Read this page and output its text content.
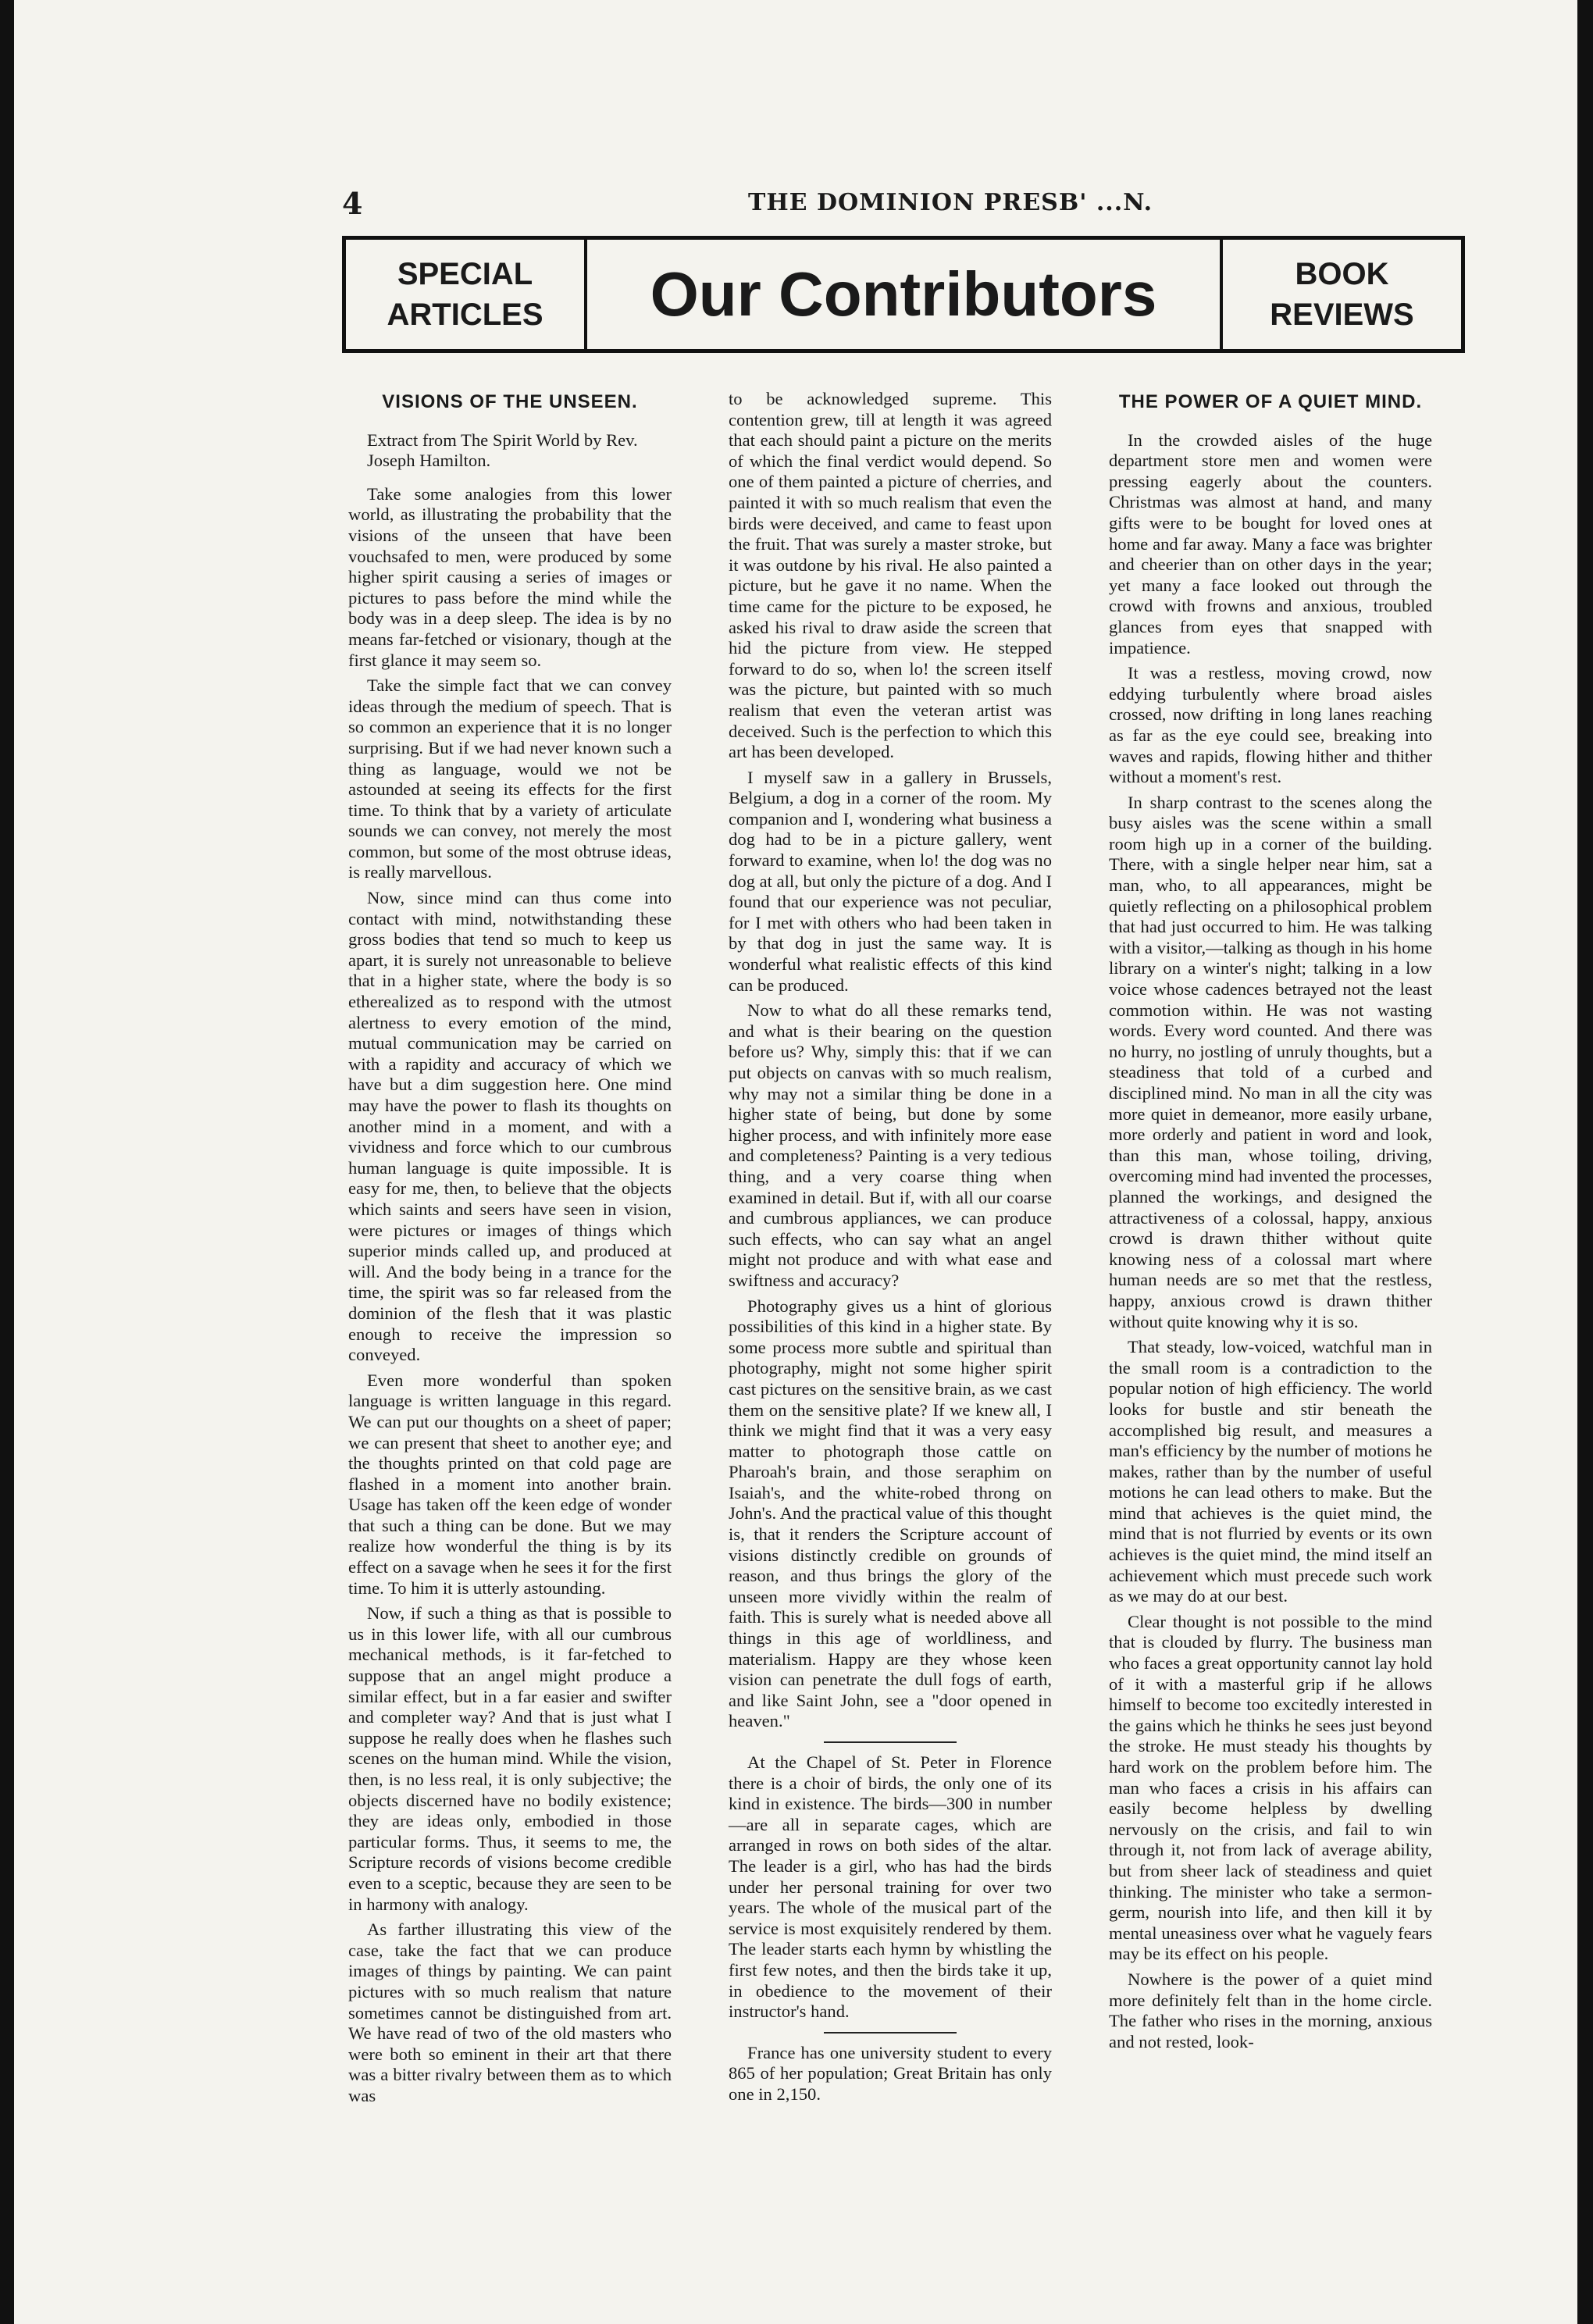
4	THE DOMINION PRESB' ...N.
SPECIAL
ARTICLES	Our Contributors	BOOK
REVIEWS
VISIONS OF THE UNSEEN.

Extract from The Spirit World by Rev. Joseph Hamilton.

Take some analogies from this lower world, as illustrating the probability that the visions of the unseen that have been vouchsafed to men, were produced by some higher spirit causing a series of images or pictures to pass before the mind while the body was in a deep sleep. The idea is by no means far-fetched or visionary, though at the first glance it may seem so.

Take the simple fact that we can convey ideas through the medium of speech. That is so common an experience that it is no longer surprising. But if we had never known such a thing as language, would we not be astounded at seeing its effects for the first time. To think that by a variety of articulate sounds we can convey, not merely the most common, but some of the most obtruse ideas, is really marvellous.

Now, since mind can thus come into contact with mind, notwithstanding these gross bodies that tend so much to keep us apart, it is surely not unreasonable to believe that in a higher state, where the body is so etherealized as to respond with the utmost alertness to every emotion of the mind, mutual communication may be carried on with a rapidity and accuracy of which we have but a dim suggestion here. One mind may have the power to flash its thoughts on another mind in a moment, and with a vividness and force which to our cumbrous human language is quite impossible. It is easy for me, then, to believe that the objects which saints and seers have seen in vision, were pictures or images of things which superior minds called up, and produced at will. And the body being in a trance for the time, the spirit was so far released from the dominion of the flesh that it was plastic enough to receive the impression so conveyed.

Even more wonderful than spoken language is written language in this regard. We can put our thoughts on a sheet of paper; we can present that sheet to another eye; and the thoughts printed on that cold page are flashed in a moment into another brain. Usage has taken off the keen edge of wonder that such a thing can be done. But we may realize how wonderful the thing is by its effect on a savage when he sees it for the first time. To him it is utterly astounding.

Now, if such a thing as that is possible to us in this lower life, with all our cumbrous mechanical methods, is it far-fetched to suppose that an angel might produce a similar effect, but in a far easier and swifter and completer way? And that is just what I suppose he really does when he flashes such scenes on the human mind. While the vision, then, is no less real, it is only subjective; the objects discerned have no bodily existence; they are ideas only, embodied in those particular forms. Thus, it seems to me, the Scripture records of visions become credible even to a sceptic, because they are seen to be in harmony with analogy.

As farther illustrating this view of the case, take the fact that we can produce images of things by painting. We can paint pictures with so much realism that nature sometimes cannot be distinguished from art. We have read of two of the old masters who were both so eminent in their art that there was a bitter rivalry between them as to which was

to be acknowledged supreme. This contention grew, till at length it was agreed that each should paint a picture on the merits of which the final verdict would depend. So one of them painted a picture of cherries, and painted it with so much realism that even the birds were deceived, and came to feast upon the fruit. That was surely a master stroke, but it was outdone by his rival. He also painted a picture, but he gave it no name. When the time came for the picture to be exposed, he asked his rival to draw aside the screen that hid the picture from view. He stepped forward to do so, when lo! the screen itself was the picture, but painted with so much realism that even the veteran artist was deceived. Such is the perfection to which this art has been developed.

I myself saw in a gallery in Brussels, Belgium, a dog in a corner of the room. My companion and I, wondering what business a dog had to be in a picture gallery, went forward to examine, when lo! the dog was no dog at all, but only the picture of a dog. And I found that our experience was not peculiar, for I met with others who had been taken in by that dog in just the same way. It is wonderful what realistic effects of this kind can be produced.

Now to what do all these remarks tend, and what is their bearing on the question before us? Why, simply this: that if we can put objects on canvas with so much realism, why may not a similar thing be done in a higher state of being, but done by some higher process, and with infinitely more ease and completeness? Painting is a very tedious thing, and a very coarse thing when examined in detail. But if, with all our coarse and cumbrous appliances, we can produce such effects, who can say what an angel might not produce and with what ease and swiftness and accuracy?

Photography gives us a hint of glorious possibilities of this kind in a higher state. By some process more subtle and spiritual than photography, might not some higher spirit cast pictures on the sensitive brain, as we cast them on the sensitive plate? If we knew all, I think we might find that it was a very easy matter to photograph those cattle on Pharoah's brain, and those seraphim on Isaiah's, and the white-robed throng on John's. And the practical value of this thought is, that it renders the Scripture account of visions distinctly credible on grounds of reason, and thus brings the glory of the unseen more vividly within the realm of faith. This is surely what is needed above all things in this age of worldliness, and materialism. Happy are they whose keen vision can penetrate the dull fogs of earth, and like Saint John, see a "door opened in heaven."

At the Chapel of St. Peter in Florence there is a choir of birds, the only one of its kind in existence. The birds—300 in number—are all in separate cages, which are arranged in rows on both sides of the altar. The leader is a girl, who has had the birds under her personal training for over two years. The whole of the musical part of the service is most exquisitely rendered by them. The leader starts each hymn by whistling the first few notes, and then the birds take it up, in obedience to the movement of their instructor's hand.

France has one university student to every 865 of her population; Great Britain has only one in 2,150.

THE POWER OF A QUIET MIND.

In the crowded aisles of the huge department store men and women were pressing eagerly about the counters. Christmas was almost at hand, and many gifts were to be bought for loved ones at home and far away. Many a face was brighter and cheerier than on other days in the year; yet many a face looked out through the crowd with frowns and anxious, troubled glances from eyes that snapped with impatience.

It was a restless, moving crowd, now eddying turbulently where broad aisles crossed, now drifting in long lanes reaching as far as the eye could see, breaking into waves and rapids, flowing hither and thither without a moment's rest.

In sharp contrast to the scenes along the busy aisles was the scene within a small room high up in a corner of the building. There, with a single helper near him, sat a man, who, to all appearances, might be quietly reflecting on a philosophical problem that had just occurred to him. He was talking with a visitor,—talking as though in his home library on a winter's night; talking in a low voice whose cadences betrayed not the least commotion within. He was not wasting words. Every word counted. And there was no hurry, no jostling of unruly thoughts, but a steadiness that told of a curbed and disciplined mind. No man in all the city was more quiet in demeanor, more easily urbane, more orderly and patient in word and look, than this man, whose toiling, driving, overcoming mind had invented the processes, planned the workings, and designed the attractiveness of a colossal, happy, anxious crowd is drawn thither without quite knowing ness of a colossal mart where human needs are so met that the restless, happy, anxious crowd is drawn thither without quite knowing why it is so.

That steady, low-voiced, watchful man in the small room is a contradiction to the popular notion of high efficiency. The world looks for bustle and stir beneath the accomplished big result, and measures a man's efficiency by the number of motions he makes, rather than by the number of useful motions he can lead others to make. But the mind that achieves is the quiet mind, the mind that is not flurried by events or its own achieves is the quiet mind, the mind itself an achievement which must precede such work as we may do at our best.

Clear thought is not possible to the mind that is clouded by flurry. The business man who faces a great opportunity cannot lay hold of it with a masterful grip if he allows himself to become too excitedly interested in the gains which he thinks he sees just beyond the stroke. He must steady his thoughts by hard work on the problem before him. The man who faces a crisis in his affairs can easily become helpless by dwelling nervously on the crisis, and fail to win through it, not from lack of average ability, but from sheer lack of steadiness and quiet thinking. The minister who take a sermon-germ, nourish into life, and then kill it by mental uneasiness over what he vaguely fears may be its effect on his people.

Nowhere is the power of a quiet mind more definitely felt than in the home circle. The father who rises in the morning, anxious and not rested, look-
